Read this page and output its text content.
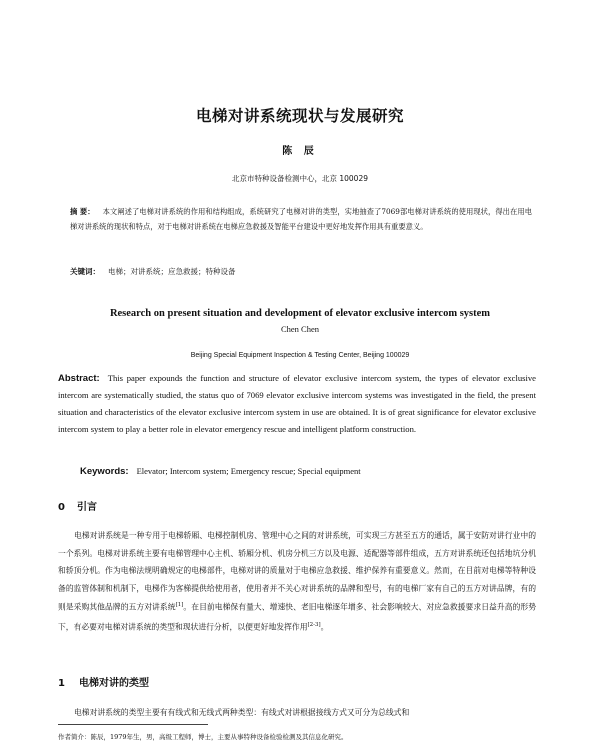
电梯对讲系统现状与发展研究
陈 辰
北京市特种设备检测中心，北京 100029
摘 要： 本文阐述了电梯对讲系统的作用和结构组成，系统研究了电梯对讲的类型，实地抽查了7069部电梯对讲系统的使用现状，得出在用电梯对讲系统的现状和特点，对于电梯对讲系统在电梯应急救援及智能平台建设中更好地发挥作用具有重要意义。
关键词： 电梯；对讲系统；应急救援；特种设备
Research on present situation and development of elevator exclusive intercom system
Chen Chen
Beijing Special Equipment Inspection & Testing Center, Beijing 100029
Abstract: This paper expounds the function and structure of elevator exclusive intercom system, the types of elevator exclusive intercom are systematically studied, the status quo of 7069 elevator exclusive intercom systems was investigated in the field, the present situation and characteristics of the elevator exclusive intercom system in use are obtained. It is of great significance for elevator exclusive intercom system to play a better role in elevator emergency rescue and intelligent platform construction.
Keywords: Elevator; Intercom system; Emergency rescue; Special equipment
0 引言
电梯对讲系统是一种专用于电梯轿厢、电梯控制机房、管理中心之间的对讲系统，可实现三方甚至五方的通话，属于安防对讲行业中的一个系列。电梯对讲系统主要有电梯管理中心主机、轿厢分机、机房分机三方以及电源、适配器等部件组成，五方对讲系统还包括地坑分机和轿顶分机。作为电梯法规明确规定的电梯部件，电梯对讲的质量对于电梯应急救援、维护保养有重要意义。然而，在目前对电梯等特种设备的监管体制和机制下，电梯作为客梯提供给使用者，使用者并不关心对讲系统的品牌和型号，有的电梯厂家有自己的五方对讲品牌，有的则是采购其他品牌的五方对讲系统[1]。在目前电梯保有量大、增速快、老旧电梯逐年增多、社会影响较大、对应急救援要求日益升高的形势下，有必要对电梯对讲系统的类型和现状进行分析，以便更好地发挥作用[2-3]。
1 电梯对讲的类型
电梯对讲系统的类型主要有有线式和无线式两种类型：有线式对讲根据接线方式又可分为总线式和
作者简介：陈辰，1979年生，男，高级工程师，博士，主要从事特种设备检验检测及其信息化研究。
